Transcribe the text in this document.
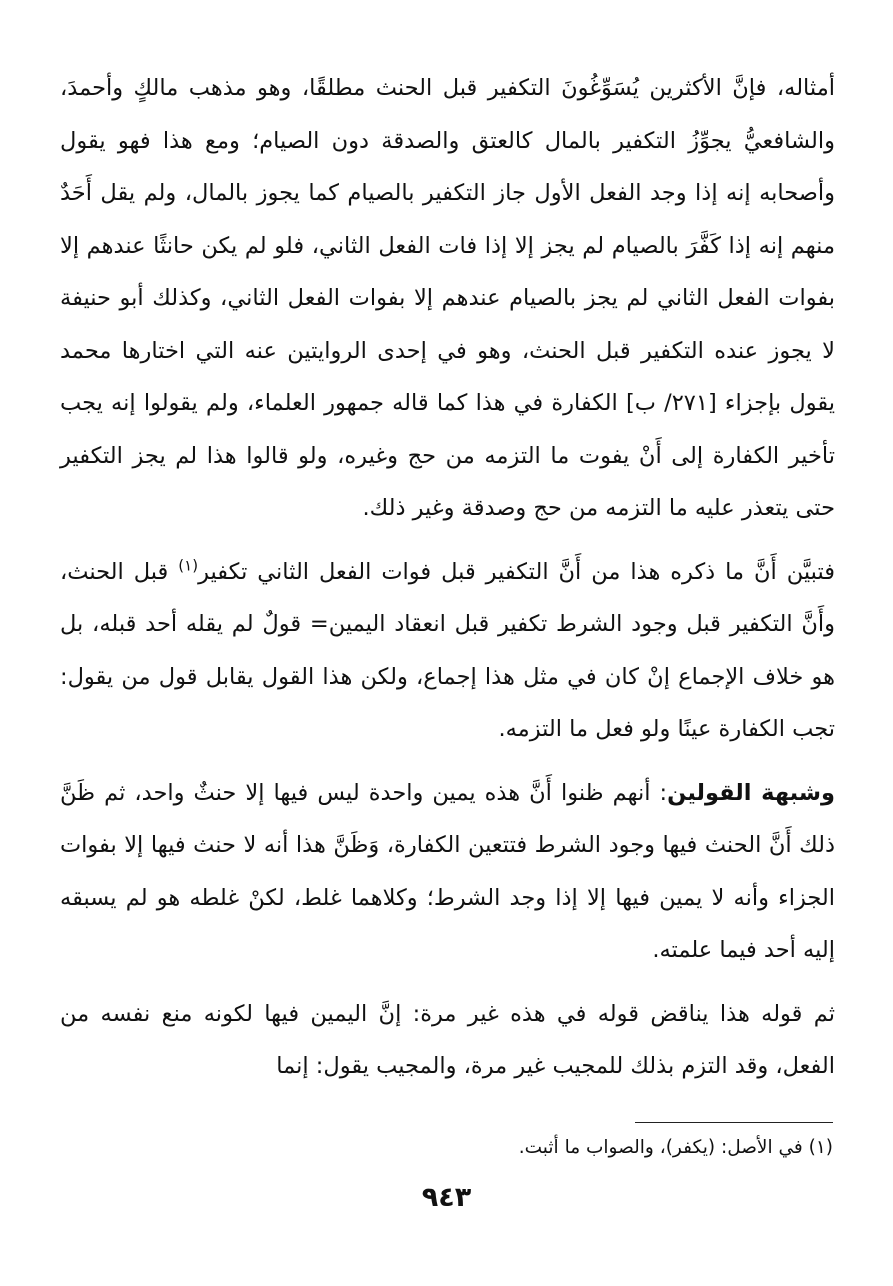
أمثاله، فإنَّ الأكثرين يُسَوِّغُونَ التكفير قبل الحنث مطلقًا، وهو مذهب مالكٍ وأحمدَ، والشافعيُّ يجوِّزُ التكفير بالمال كالعتق والصدقة دون الصيام؛ ومع هذا فهو يقول وأصحابه إنه إذا وجد الفعل الأول جاز التكفير بالصيام كما يجوز بالمال، ولم يقل أَحَدٌ منهم إنه إذا كَفَّرَ بالصيام لم يجز إلا إذا فات الفعل الثاني، فلو لم يكن حانثًا عندهم إلا بفوات الفعل الثاني لم يجز بالصيام عندهم إلا بفوات الفعل الثاني، وكذلك أبو حنيفة لا يجوز عنده التكفير قبل الحنث، وهو في إحدى الروايتين عنه التي اختارها محمد يقول بإجزاء [٢٧١/ ب] الكفارة في هذا كما قاله جمهور العلماء، ولم يقولوا إنه يجب تأخير الكفارة إلى أَنْ يفوت ما التزمه من حج وغيره، ولو قالوا هذا لم يجز التكفير حتى يتعذر عليه ما التزمه من حج وصدقة وغير ذلك.

فتبيَّن أَنَّ ما ذكره هذا من أَنَّ التكفير قبل فوات الفعل الثاني تكفير$^{(١)}$ قبل الحنث، وأَنَّ التكفير قبل وجود الشرط تكفير قبل انعقاد اليمين= قولٌ لم يقله أحد قبله، بل هو خلاف الإجماع إنْ كان في مثل هذا إجماع، ولكن هذا القول يقابل قول من يقول: تجب الكفارة عينًا ولو فعل ما التزمه.

وشبهة القولين: أنهم ظنوا أَنَّ هذه يمين واحدة ليس فيها إلا حنثٌ واحد، ثم ظَنَّ ذلك أَنَّ الحنث فيها وجود الشرط فتتعين الكفارة، وَظَنَّ هذا أنه لا حنث فيها إلا بفوات الجزاء وأنه لا يمين فيها إلا إذا وجد الشرط؛ وكلاهما غلط، لكنْ غلطه هو لم يسبقه إليه أحد فيما علمته.

ثم قوله هذا يناقض قوله في هذه غير مرة: إنَّ اليمين فيها لكونه منع نفسه من الفعل، وقد التزم بذلك للمجيب غير مرة، والمجيب يقول: إنما

(١) في الأصل: (يكفر)، والصواب ما أثبت.

٩٤٣
